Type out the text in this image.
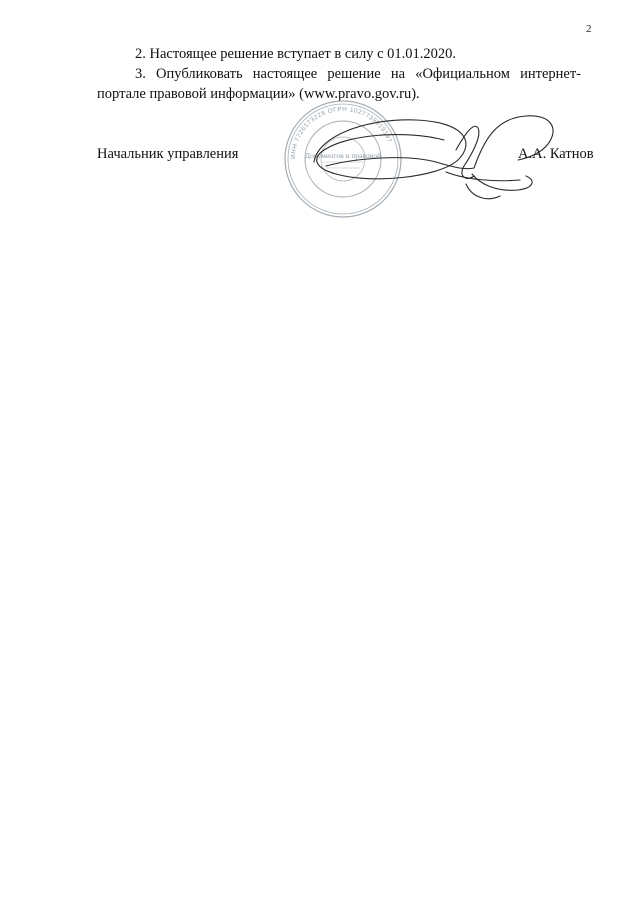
2

2. Настоящее решение вступает в силу с 01.01.2020.

3. Опубликовать настоящее решение на «Официальном интернет-портале правовой информации» (www.pravo.gov.ru).

Начальник управления	ИНН 7726173226 ОГРН 1027739019197
Документов и правовой	А.А. Катнов
